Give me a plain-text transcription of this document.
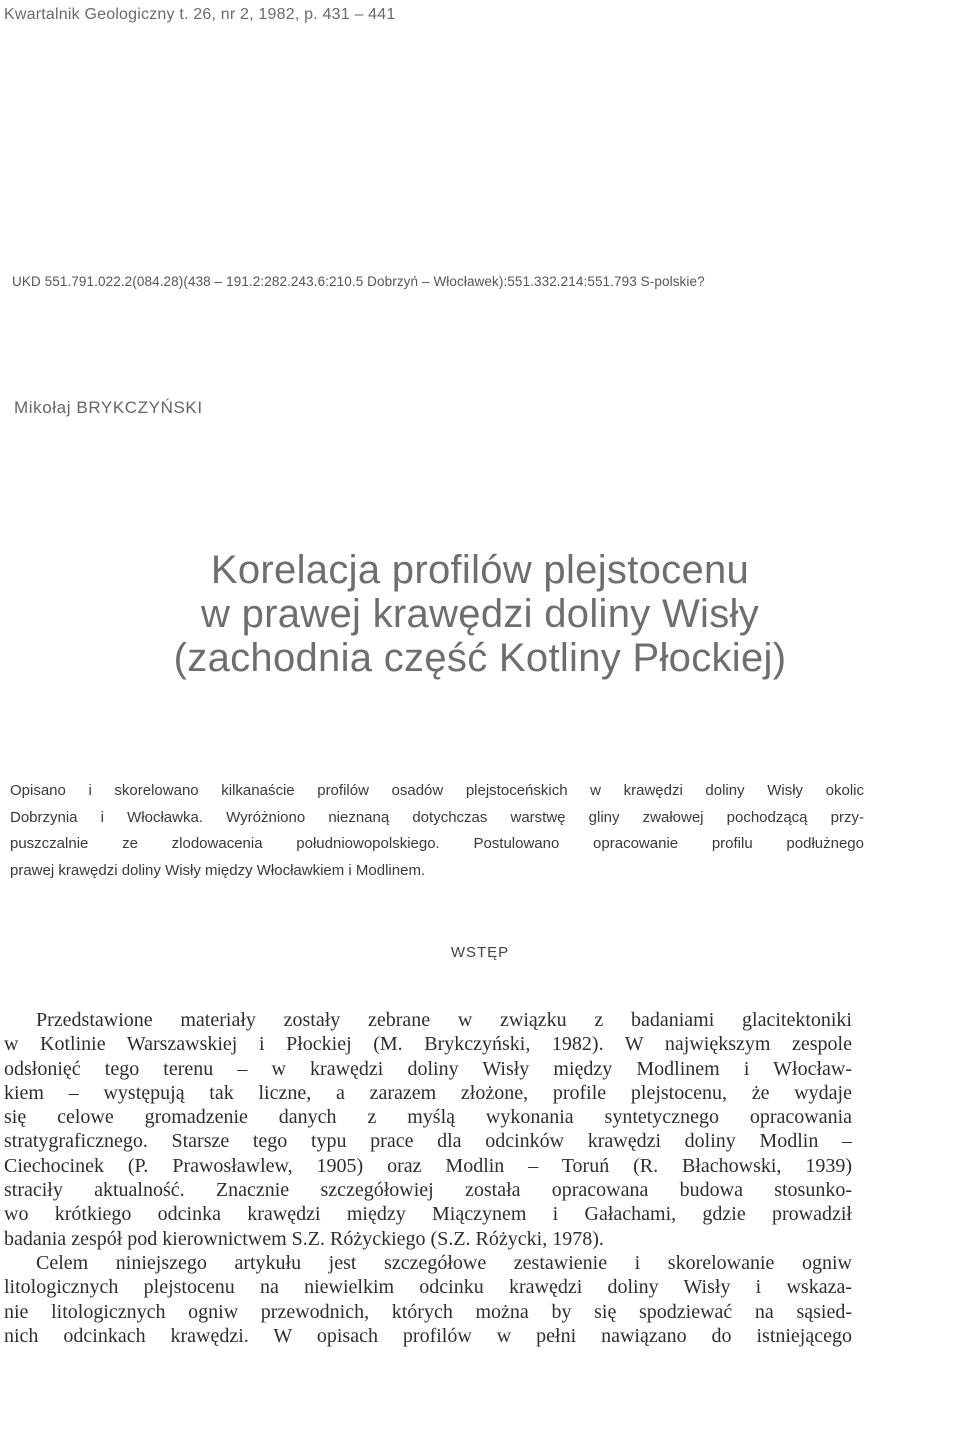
Kwartalnik Geologiczny t. 26, nr 2, 1982, p. 431 – 441
UKD 551.791.022.2(084.28)(438 – 191.2:282.243.6:210.5 Dobrzyń – Włocławek):551.332.214:551.793 S-polskie?
Mikołaj BRYKCZYŃSKI
Korelacja profilów plejstocenu
w prawej krawędzi doliny Wisły
(zachodnia część Kotliny Płockiej)
Opisano i skorelowano kilkanaście profilów osadów plejstoceńskich w krawędzi doliny Wisły okolic
Dobrzynia i Włocławka. Wyróżniono nieznaną dotychczas warstwę gliny zwałowej pochodzącą przy-
puszczalnie ze zlodowacenia południowopolskiego. Postulowano opracowanie profilu podłużnego
prawej krawędzi doliny Wisły między Włocławkiem i Modlinem.
WSTĘP
Przedstawione materiały zostały zebrane w związku z badaniami glacitektoniki
w Kotlinie Warszawskiej i Płockiej (M. Brykczyński, 1982). W największym zespole
odsłonięć tego terenu – w krawędzi doliny Wisły między Modlinem i Włocław-
kiem – występują tak liczne, a zarazem złożone, profile plejstocenu, że wydaje
się celowe gromadzenie danych z myślą wykonania syntetycznego opracowania
stratygraficznego. Starsze tego typu prace dla odcinków krawędzi doliny Modlin –
Ciechocinek (P. Prawosławlew, 1905) oraz Modlin – Toruń (R. Błachowski, 1939)
straciły aktualność. Znacznie szczegółowiej została opracowana budowa stosunko-
wo krótkiego odcinka krawędzi między Miączynem i Gałachami, gdzie prowadził
badania zespół pod kierownictwem S.Z. Różyckiego (S.Z. Różycki, 1978).
Celem niniejszego artykułu jest szczegółowe zestawienie i skorelowanie ogniw
litologicznych plejstocenu na niewielkim odcinku krawędzi doliny Wisły i wskaza-
nie litologicznych ogniw przewodnich, których można by się spodziewać na sąsied-
nich odcinkach krawędzi. W opisach profilów w pełni nawiązano do istniejącego
